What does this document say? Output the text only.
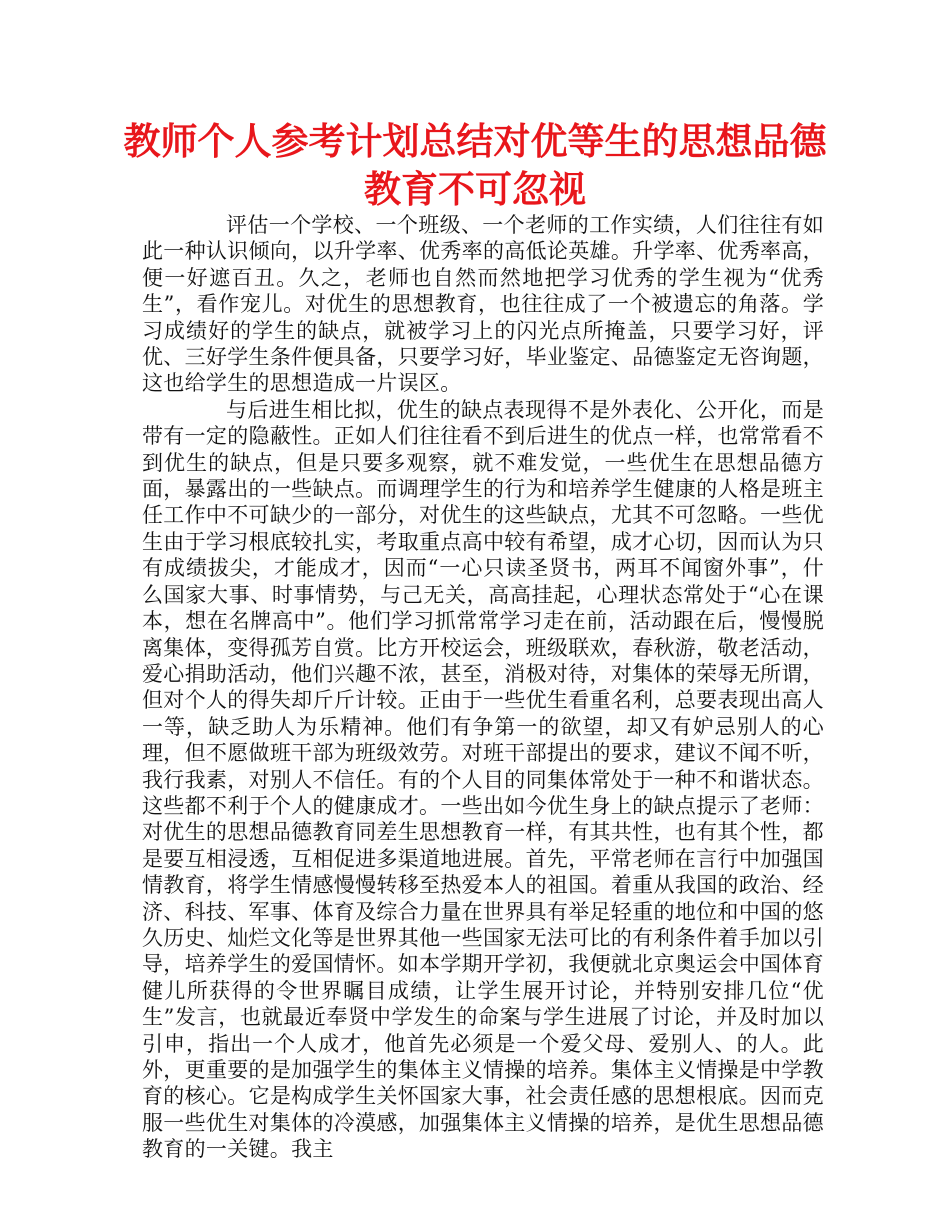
教师个人参考计划总结对优等生的思想品德教育不可忽视

评估一个学校、一个班级、一个老师的工作实绩，人们往往有如此一种认识倾向，以升学率、优秀率的高低论英雄。升学率、优秀率高，便一好遮百丑。久之，老师也自然而然地把学习优秀的学生视为“优秀生”，看作宠儿。对优生的思想教育，也往往成了一个被遗忘的角落。学习成绩好的学生的缺点，就被学习上的闪光点所掩盖，只要学习好，评优、三好学生条件便具备，只要学习好，毕业鉴定、品德鉴定无咨询题，这也给学生的思想造成一片误区。

与后进生相比拟，优生的缺点表现得不是外表化、公开化，而是带有一定的隐蔽性。正如人们往往看不到后进生的优点一样，也常常看不到优生的缺点，但是只要多观察，就不难发觉，一些优生在思想品德方面，暴露出的一些缺点。而调理学生的行为和培养学生健康的人格是班主任工作中不可缺少的一部分，对优生的这些缺点，尤其不可忽略。一些优生由于学习根底较扎实，考取重点高中较有希望，成才心切，因而认为只有成绩拔尖，才能成才，因而“一心只读圣贤书，两耳不闻窗外事”，什么国家大事、时事情势，与己无关，高高挂起，心理状态常处于“心在课本，想在名牌高中”。他们学习抓常常学习走在前，活动跟在后，慢慢脱离集体，变得孤芳自赏。比方开校运会，班级联欢，春秋游，敬老活动，爱心捐助活动，他们兴趣不浓，甚至，消极对待，对集体的荣辱无所谓，但对个人的得失却斤斤计较。正由于一些优生看重名利，总要表现出高人一等，缺乏助人为乐精神。他们有争第一的欲望，却又有妒忌别人的心理，但不愿做班干部为班级效劳。对班干部提出的要求，建议不闻不听，我行我素，对别人不信任。有的个人目的同集体常处于一种不和谐状态。这些都不利于个人的健康成才。一些出如今优生身上的缺点提示了老师：对优生的思想品德教育同差生思想教育一样，有其共性，也有其个性，都是要互相浸透，互相促进多渠道地进展。首先，平常老师在言行中加强国情教育，将学生情感慢慢转移至热爱本人的祖国。着重从我国的政治、经济、科技、军事、体育及综合力量在世界具有举足轻重的地位和中国的悠久历史、灿烂文化等是世界其他一些国家无法可比的有利条件着手加以引导，培养学生的爱国情怀。如本学期开学初，我便就北京奥运会中国体育健儿所获得的令世界瞩目成绩，让学生展开讨论，并特别安排几位“优生”发言，也就最近奉贤中学发生的命案与学生进展了讨论，并及时加以引申，指出一个人成才，他首先必须是一个爱父母、爱别人、的人。此外，更重要的是加强学生的集体主义情操的培养。集体主义情操是中学教育的核心。它是构成学生关怀国家大事，社会责任感的思想根底。因而克服一些优生对集体的冷漠感，加强集体主义情操的培养，是优生思想品德教育的一关键。我主
